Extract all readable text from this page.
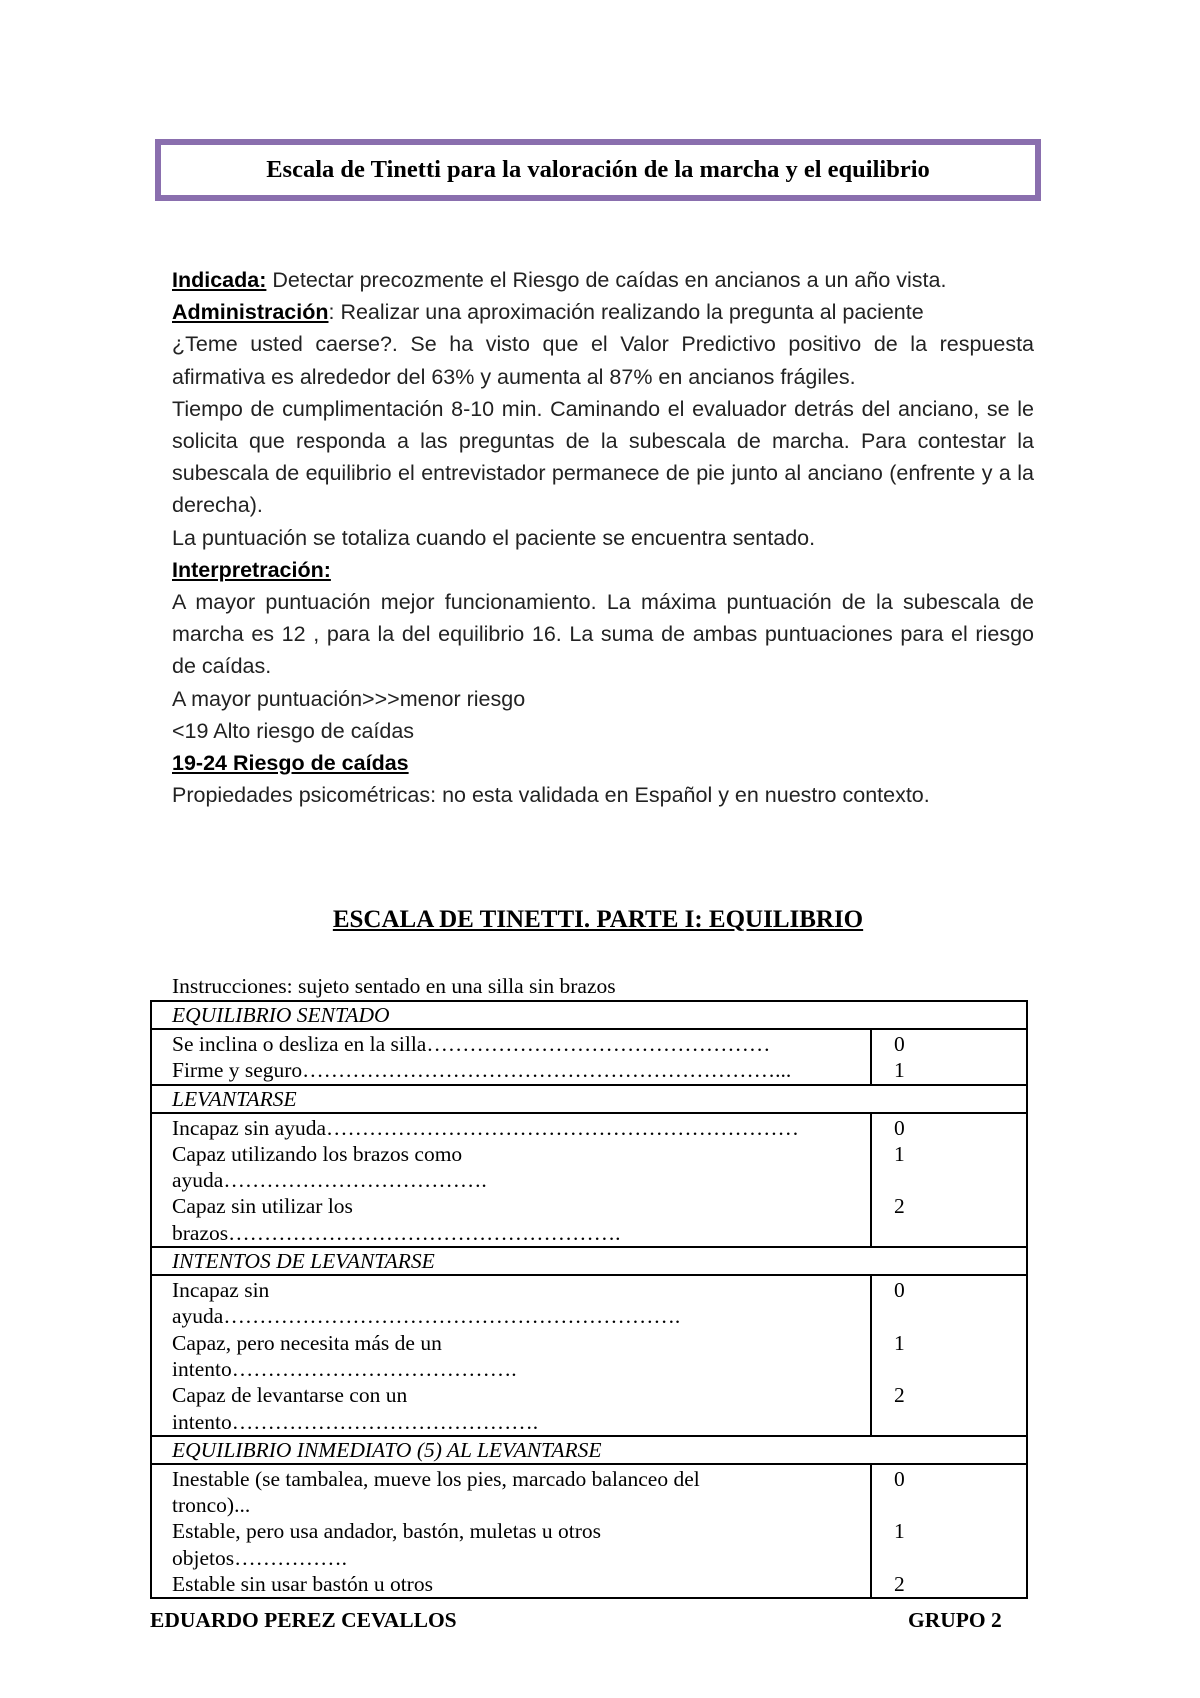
Escala de Tinetti para la valoración de la marcha y el equilibrio

Indicada: Detectar precozmente el Riesgo de caídas en ancianos a un año vista.

Administración: Realizar una aproximación realizando la pregunta al paciente

¿Teme usted caerse?. Se ha visto que el Valor Predictivo positivo de la respuesta afirmativa es alrededor del 63% y aumenta al 87% en ancianos frágiles.

Tiempo de cumplimentación 8-10 min. Caminando el evaluador detrás del anciano, se le solicita que responda a las preguntas de la subescala de marcha. Para contestar la subescala de equilibrio el entrevistador permanece de pie junto al anciano (enfrente y a la derecha).

La puntuación se totaliza cuando el paciente se encuentra sentado.

Interpretración:

A mayor puntuación mejor funcionamiento. La máxima puntuación de la subescala de marcha es 12 , para la del equilibrio 16. La suma de ambas puntuaciones para el riesgo de caídas.

A mayor puntuación>>>menor riesgo

<19 Alto riesgo de caídas

19-24 Riesgo de caídas

Propiedades psicométricas: no esta validada en Español y en nuestro contexto.

ESCALA DE TINETTI. PARTE I: EQUILIBRIO
Instrucciones: sujeto sentado en una silla sin brazos
EQUILIBRIO SENTADO
Se inclina o desliza en la silla…………………………………………
Firme y seguro…………………………………………………………...
0
1
LEVANTARSE
Incapaz sin ayuda…………………………………………………………
Capaz utilizando los brazos como
ayuda……………………………….
Capaz sin utilizar los
brazos……………………………………………….
0
1
2
INTENTOS DE LEVANTARSE
Incapaz sin
ayuda……………………………………………………….
Capaz, pero necesita más de un
intento………………………………….
Capaz de levantarse con un
intento…………………………………….
0
1
2
EQUILIBRIO INMEDIATO (5) AL LEVANTARSE
Inestable (se tambalea, mueve los pies, marcado balanceo del
tronco)...
Estable, pero usa andador, bastón, muletas u otros
objetos…………….
Estable sin usar bastón u otros
0
1
2
EDUARDO PEREZ CEVALLOS	GRUPO 2
